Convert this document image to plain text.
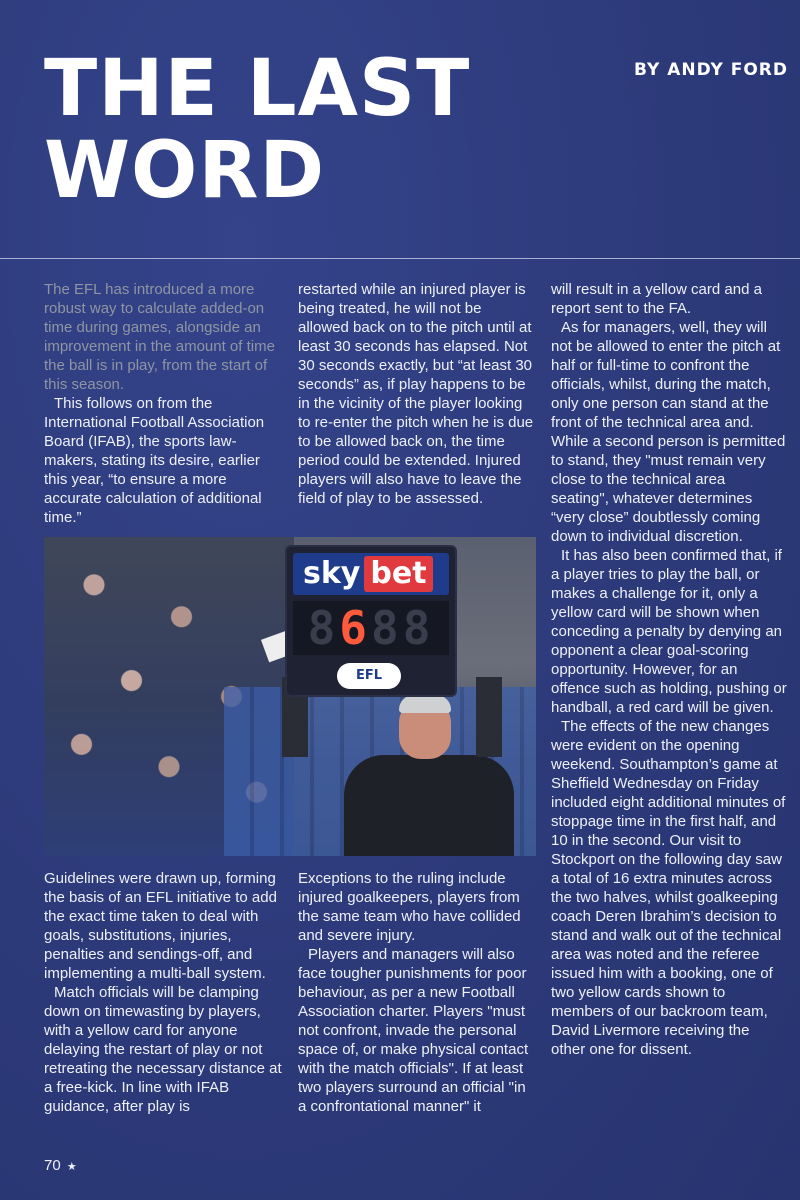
THE LAST
WORD
BY ANDY FORD

The EFL has introduced a more robust way to calculate added-on time during games, alongside an improvement in the amount of time the ball is in play, from the start of this season.

This follows on from the International Football Association Board (IFAB), the sports law-makers, stating its desire, earlier this year, “to ensure a more accurate calculation of additional time.”

restarted while an injured player is being treated, he will not be allowed back on to the pitch until at least 30 seconds has elapsed. Not 30 seconds exactly, but “at least 30 seconds” as, if play happens to be in the vicinity of the player looking to re-enter the pitch when he is due to be allowed back on, the time period could be extended. Injured players will also have to leave the field of play to be assessed.

will result in a yellow card and a report sent to the FA.

As for managers, well, they will not be allowed to enter the pitch at half or full-time to confront the officials, whilst, during the match, only one person can stand at the front of the technical area and. While a second person is permitted to stand, they "must remain very close to the technical area seating", whatever determines “very close” doubtlessly coming down to individual discretion.

It has also been confirmed that, if a player tries to play the ball, or makes a challenge for it, only a yellow card will be shown when conceding a penalty by denying an opponent a clear goal-scoring opportunity. However, for an offence such as holding, pushing or handball, a red card will be given.

The effects of the new changes were evident on the opening weekend. Southampton’s game at Sheffield Wednesday on Friday included eight additional minutes of stoppage time in the first half, and 10 in the second. Our visit to Stockport on the following day saw a total of 16 extra minutes across the two halves, whilst goalkeeping coach Deren Ibrahim’s decision to stand and walk out of the technical area was noted and the referee issued him with a booking, one of two yellow cards shown to members of our backroom team, David Livermore receiving the other one for dissent.

sky bet
8688
EFL

Guidelines were drawn up, forming the basis of an EFL initiative to add the exact time taken to deal with goals, substitutions, injuries, penalties and sendings-off, and implementing a multi-ball system.

Match officials will be clamping down on timewasting by players, with a yellow card for anyone delaying the restart of play or not retreating the necessary distance at a free-kick. In line with IFAB guidance, after play is

Exceptions to the ruling include injured goalkeepers, players from the same team who have collided and severe injury.

Players and managers will also face tougher punishments for poor behaviour, as per a new Football Association charter. Players "must not confront, invade the personal space of, or make physical contact with the match officials". If at least two players surround an official "in a confrontational manner" it

70 ★
